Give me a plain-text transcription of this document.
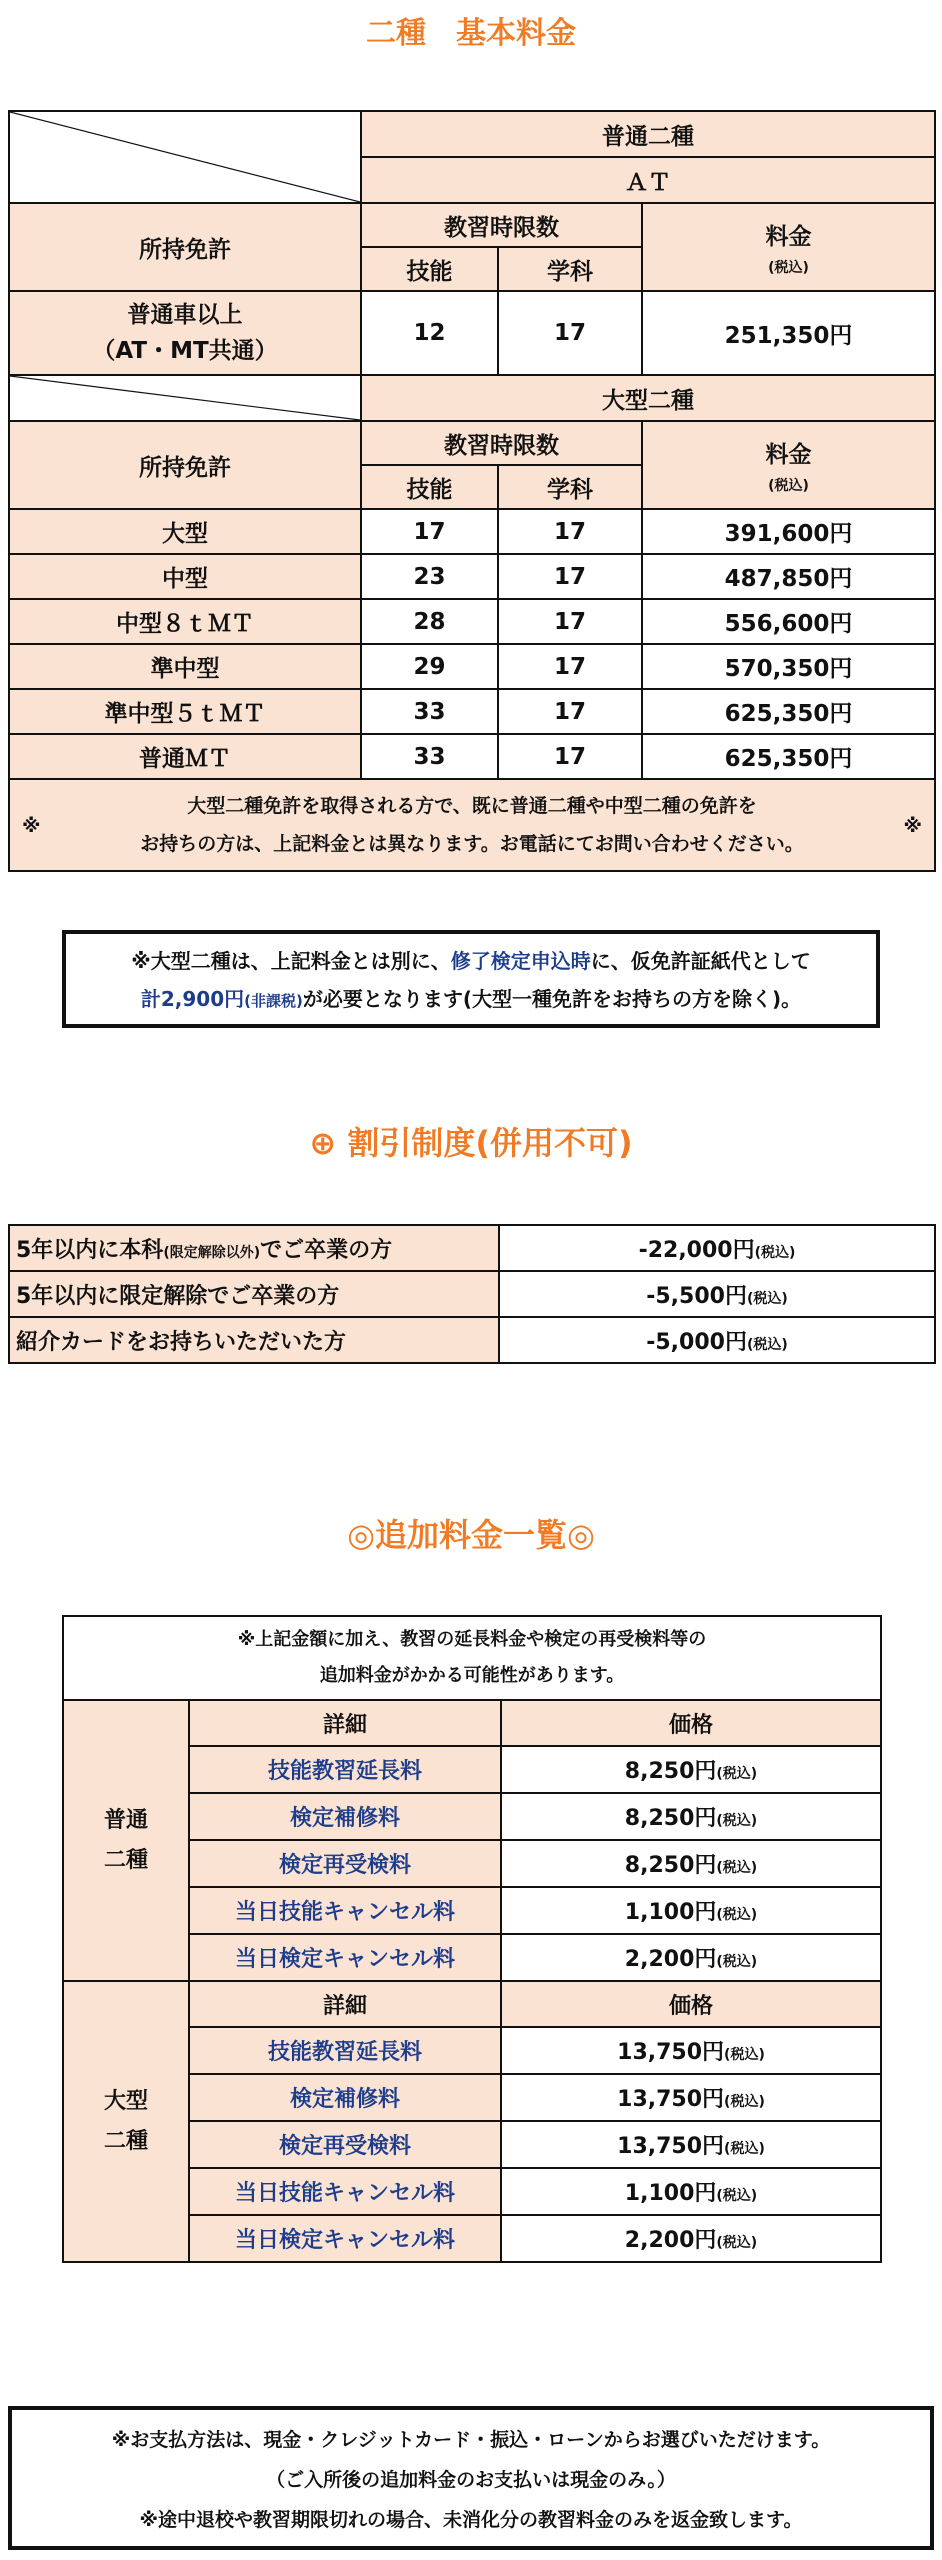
二種　基本料金
	普通二種		
	ＡＴ		
所持免許	教習時限数		料金
(税込)

	技能	学科	

普通車以上
（AT・MT共通）	12	17	251,350円

	大型二種		
所持免許	教習時限数		料金
(税込)

	技能	学科	
大型	17	17	391,600円
中型	23	17	487,850円
中型８ｔＭＴ	28	17	556,600円
準中型	29	17	570,350円
準中型５ｔＭＴ	33	17	625,350円
普通ＭＴ	33	17	625,350円

※
大型二種免許を取得される方で、既に普通二種や中型二種の免許を
お持ちの方は、上記料金とは異なります。お電話にてお問い合わせください。
※			
※大型二種は、上記料金とは別に、修了検定申込時に、仮免許証紙代として
計2,900円(非課税)が必要となります(大型一種免許をお持ちの方を除く)。
⊕ 割引制度(併用不可)
5年以内に本科(限定解除以外)でご卒業の方	-22,000円(税込)
5年以内に限定解除でご卒業の方	-5,500円(税込)
紹介カードをお持ちいただいた方	-5,000円(税込)
◎追加料金一覧◎
※上記金額に加え、教習の延長料金や検定の再受検料等の
追加料金がかかる可能性があります。		

普通
二種	詳細	価格
	技能教習延長料	8,250円(税込)
	検定補修料	8,250円(税込)
	検定再受検料	8,250円(税込)
	当日技能キャンセル料	1,100円(税込)
	当日検定キャンセル料	2,200円(税込)

大型
二種	詳細	価格
	技能教習延長料	13,750円(税込)
	検定補修料	13,750円(税込)
	検定再受検料	13,750円(税込)
	当日技能キャンセル料	1,100円(税込)
	当日検定キャンセル料	2,200円(税込)
※お支払方法は、現金・クレジットカード・振込・ローンからお選びいただけます。
（ご入所後の追加料金のお支払いは現金のみ。）
※途中退校や教習期限切れの場合、未消化分の教習料金のみを返金致します。
